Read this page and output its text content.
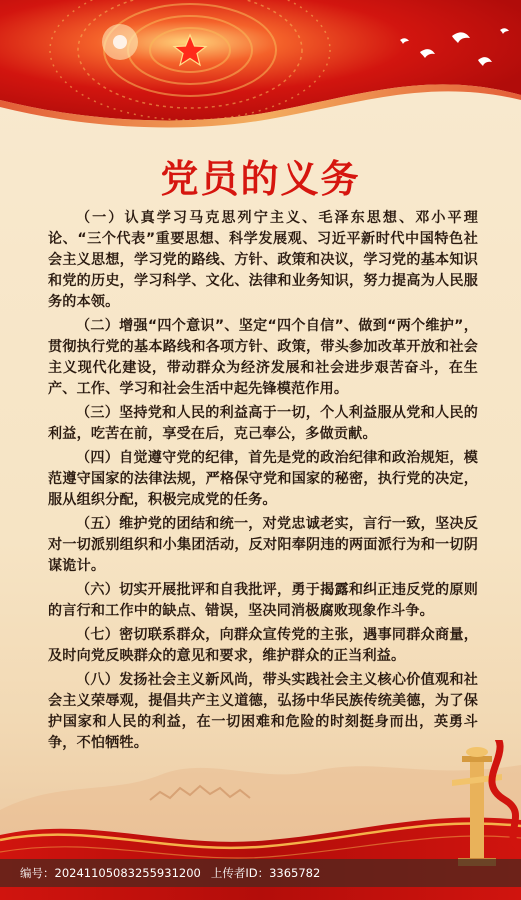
党员的义务

（一）认真学习马克思列宁主义、毛泽东思想、邓小平理论、“三个代表”重要思想、科学发展观、习近平新时代中国特色社会主义思想，学习党的路线、方针、政策和决议，学习党的基本知识和党的历史，学习科学、文化、法律和业务知识，努力提高为人民服务的本领。

（二）增强“四个意识”、坚定“四个自信”、做到“两个维护”，贯彻执行党的基本路线和各项方针、政策，带头参加改革开放和社会主义现代化建设，带动群众为经济发展和社会进步艰苦奋斗，在生产、工作、学习和社会生活中起先锋模范作用。

（三）坚持党和人民的利益高于一切，个人利益服从党和人民的利益，吃苦在前，享受在后，克己奉公，多做贡献。

（四）自觉遵守党的纪律，首先是党的政治纪律和政治规矩，模范遵守国家的法律法规，严格保守党和国家的秘密，执行党的决定，服从组织分配，积极完成党的任务。

（五）维护党的团结和统一，对党忠诚老实，言行一致，坚决反对一切派别组织和小集团活动，反对阳奉阴违的两面派行为和一切阴谋诡计。

（六）切实开展批评和自我批评，勇于揭露和纠正违反党的原则的言行和工作中的缺点、错误，坚决同消极腐败现象作斗争。

（七）密切联系群众，向群众宣传党的主张，遇事同群众商量，及时向党反映群众的意见和要求，维护群众的正当利益。

（八）发扬社会主义新风尚，带头实践社会主义核心价值观和社会主义荣辱观，提倡共产主义道德，弘扬中华民族传统美德，为了保护国家和人民的利益，在一切困难和危险的时刻挺身而出，英勇斗争，不怕牺牲。

编号：20241105083255931200 上传者ID：3365782
